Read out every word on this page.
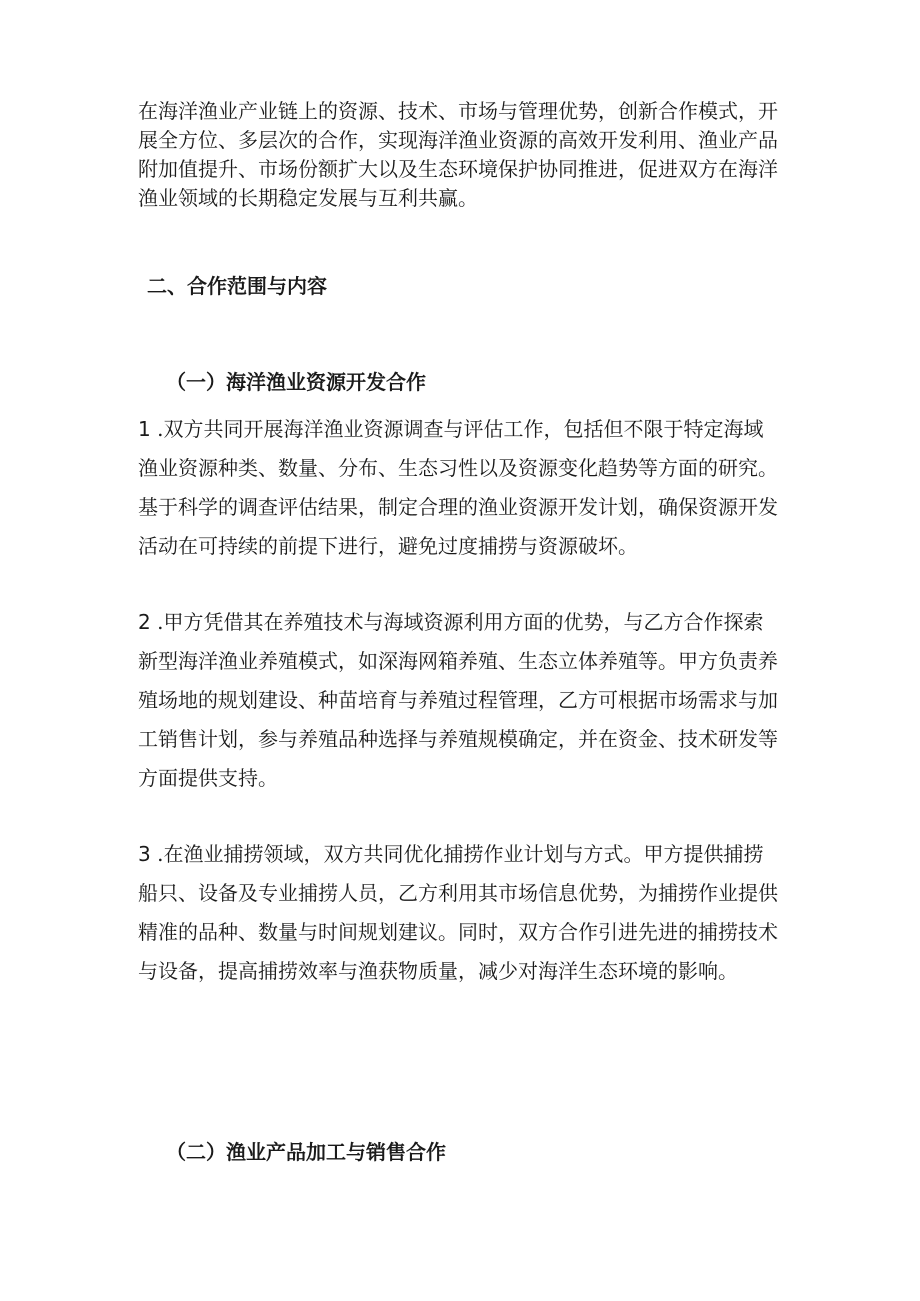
在海洋渔业产业链上的资源、技术、市场与管理优势，创新合作模式，开展全方位、多层次的合作，实现海洋渔业资源的高效开发利用、渔业产品附加值提升、市场份额扩大以及生态环境保护协同推进，促进双方在海洋渔业领域的长期稳定发展与互利共赢。

二、合作范围与内容
（一）海洋渔业资源开发合作

1 .双方共同开展海洋渔业资源调查与评估工作，包括但不限于特定海域渔业资源种类、数量、分布、生态习性以及资源变化趋势等方面的研究。基于科学的调查评估结果，制定合理的渔业资源开发计划，确保资源开发活动在可持续的前提下进行，避免过度捕捞与资源破坏。

2 .甲方凭借其在养殖技术与海域资源利用方面的优势，与乙方合作探索新型海洋渔业养殖模式，如深海网箱养殖、生态立体养殖等。甲方负责养殖场地的规划建设、种苗培育与养殖过程管理，乙方可根据市场需求与加工销售计划，参与养殖品种选择与养殖规模确定，并在资金、技术研发等方面提供支持。

3 .在渔业捕捞领域，双方共同优化捕捞作业计划与方式。甲方提供捕捞船只、设备及专业捕捞人员，乙方利用其市场信息优势，为捕捞作业提供精准的品种、数量与时间规划建议。同时，双方合作引进先进的捕捞技术与设备，提高捕捞效率与渔获物质量，减少对海洋生态环境的影响。

（二）渔业产品加工与销售合作
